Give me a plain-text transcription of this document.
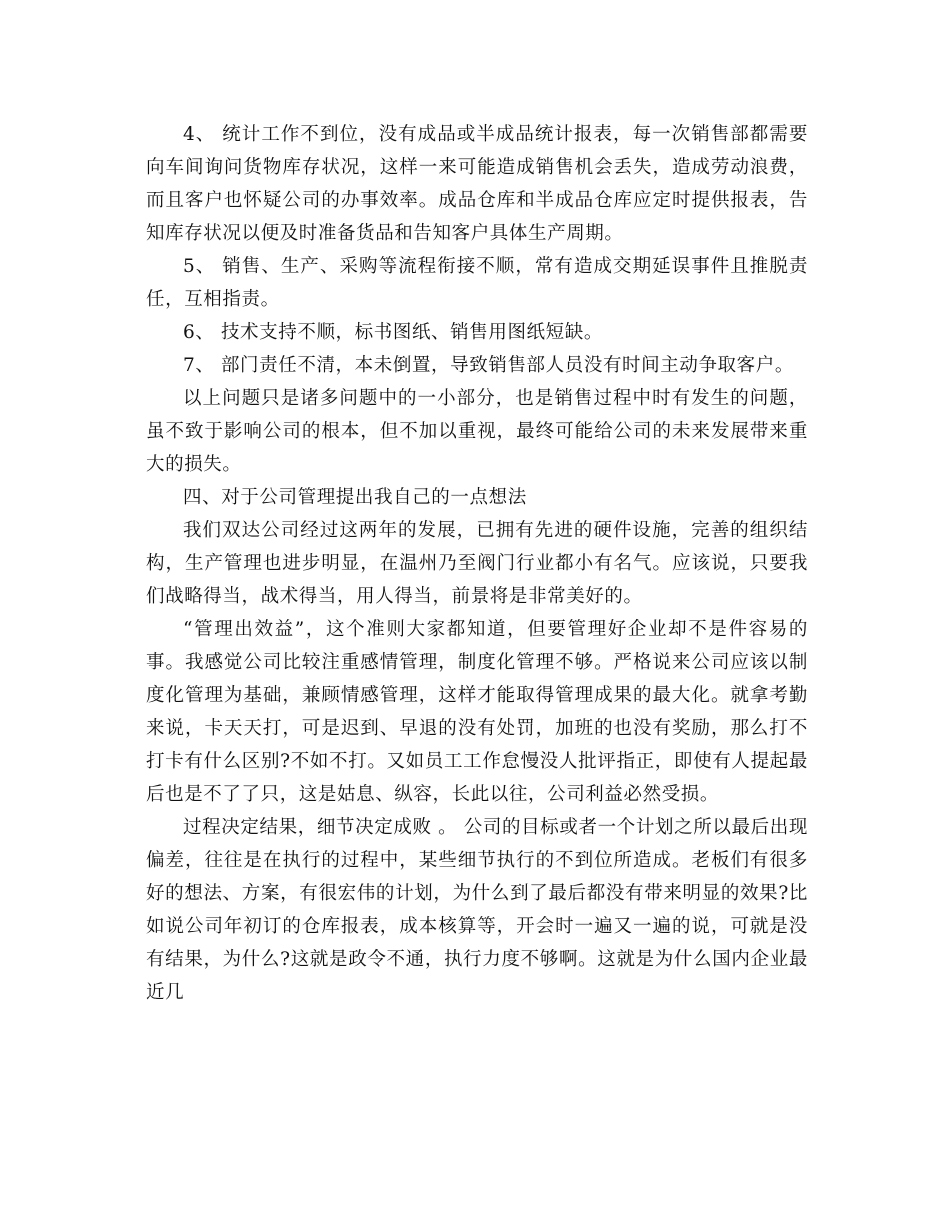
4、 统计工作不到位，没有成品或半成品统计报表，每一次销售部都需要向车间询问货物库存状况，这样一来可能造成销售机会丢失，造成劳动浪费，而且客户也怀疑公司的办事效率。成品仓库和半成品仓库应定时提供报表，告知库存状况以便及时准备货品和告知客户具体生产周期。

5、 销售、生产、采购等流程衔接不顺，常有造成交期延误事件且推脱责任，互相指责。

6、 技术支持不顺，标书图纸、销售用图纸短缺。

7、 部门责任不清，本未倒置，导致销售部人员没有时间主动争取客户。

以上问题只是诸多问题中的一小部分，也是销售过程中时有发生的问题，虽不致于影响公司的根本，但不加以重视，最终可能给公司的未来发展带来重大的损失。

四、对于公司管理提出我自己的一点想法

我们双达公司经过这两年的发展，已拥有先进的硬件设施，完善的组织结构，生产管理也进步明显，在温州乃至阀门行业都小有名气。应该说，只要我们战略得当，战术得当，用人得当，前景将是非常美好的。

“管理出效益”，这个准则大家都知道，但要管理好企业却不是件容易的事。我感觉公司比较注重感情管理，制度化管理不够。严格说来公司应该以制度化管理为基础，兼顾情感管理，这样才能取得管理成果的最大化。就拿考勤来说，卡天天打，可是迟到、早退的没有处罚，加班的也没有奖励，那么打不打卡有什么区别?不如不打。又如员工工作怠慢没人批评指正，即使有人提起最后也是不了了只，这是姑息、纵容，长此以往，公司利益必然受损。

过程决定结果，细节决定成败 。 公司的目标或者一个计划之所以最后出现偏差，往往是在执行的过程中，某些细节执行的不到位所造成。老板们有很多好的想法、方案，有很宏伟的计划，为什么到了最后都没有带来明显的效果?比如说公司年初订的仓库报表，成本核算等，开会时一遍又一遍的说，可就是没有结果，为什么?这就是政令不通，执行力度不够啊。这就是为什么国内企业最近几
